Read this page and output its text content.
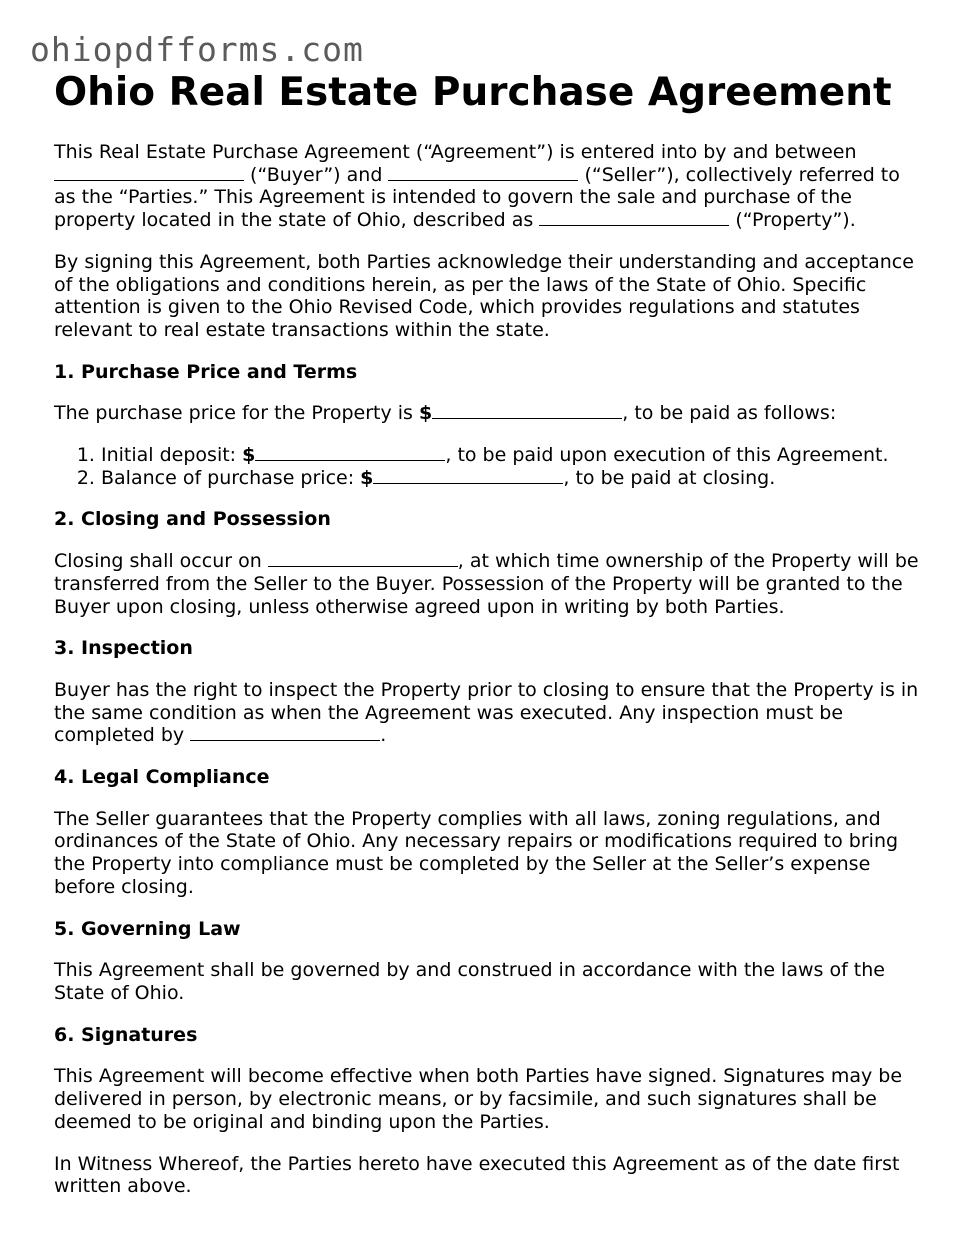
ohiopdfforms.com
Ohio Real Estate Purchase Agreement

This Real Estate Purchase Agreement (“Agreement”) is entered into by and between  (“Buyer”) and	(“Seller”), collectively referred to as the “Parties.” This Agreement is intended to govern the sale and purchase of the property located in the state of Ohio, described as	(“Property”).

By signing this Agreement, both Parties acknowledge their understanding and acceptance of the obligations and conditions herein, as per the laws of the State of Ohio. Specific attention is given to the Ohio Revised Code, which provides regulations and statutes relevant to real estate transactions within the state.

1. Purchase Price and Terms

The purchase price for the Property is $	, to be paid as follows:

1. Initial deposit: $	, to be paid upon execution of this Agreement.
2. Balance of purchase price: $	, to be paid at closing.
2. Closing and Possession

Closing shall occur on	, at which time ownership of the Property will be transferred from the Seller to the Buyer. Possession of the Property will be granted to the Buyer upon closing, unless otherwise agreed upon in writing by both Parties.

3. Inspection

Buyer has the right to inspect the Property prior to closing to ensure that the Property is in the same condition as when the Agreement was executed. Any inspection must be completed by	.

4. Legal Compliance

The Seller guarantees that the Property complies with all laws, zoning regulations, and ordinances of the State of Ohio. Any necessary repairs or modifications required to bring the Property into compliance must be completed by the Seller at the Seller’s expense before closing.

5. Governing Law

This Agreement shall be governed by and construed in accordance with the laws of the State of Ohio.

6. Signatures

This Agreement will become effective when both Parties have signed. Signatures may be delivered in person, by electronic means, or by facsimile, and such signatures shall be deemed to be original and binding upon the Parties.

In Witness Whereof, the Parties hereto have executed this Agreement as of the date first written above.
